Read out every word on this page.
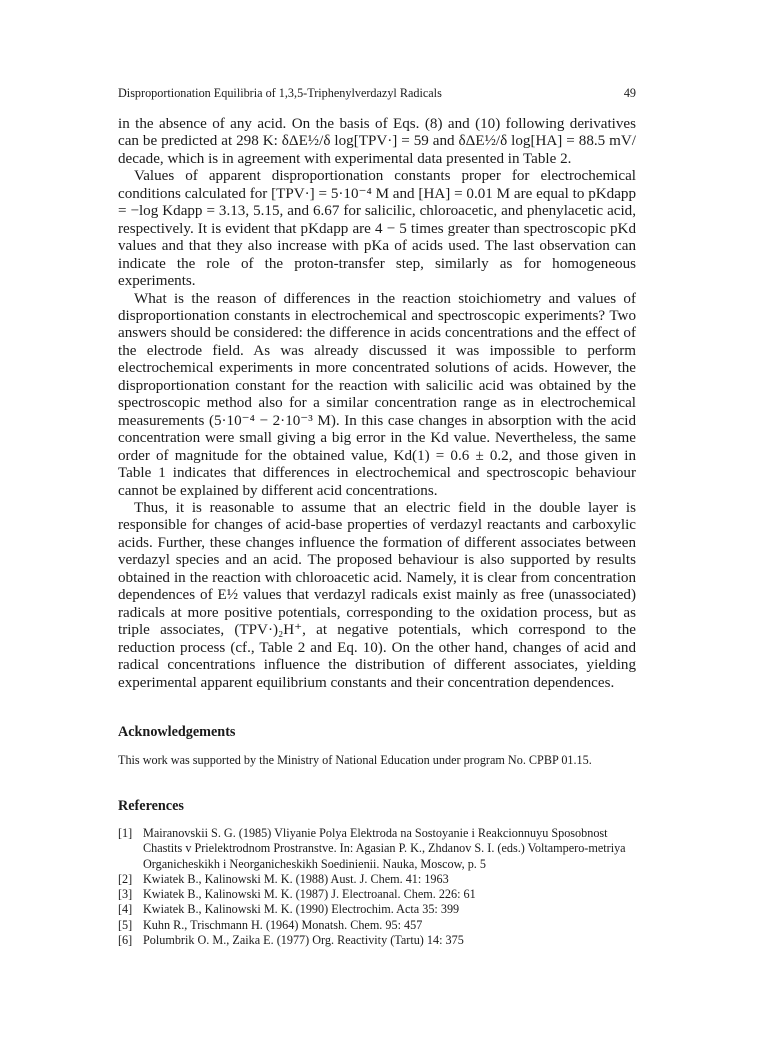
Disproportionation Equilibria of 1,3,5-Triphenylverdazyl Radicals	49

in the absence of any acid. On the basis of Eqs. (8) and (10) following derivatives can be predicted at 298 K: δΔE½/δ log[TPV·] = 59 and δΔE½/δ log[HA] = 88.5 mV/ decade, which is in agreement with experimental data presented in Table 2.

Values of apparent disproportionation constants proper for electrochemical conditions calculated for [TPV·] = 5·10⁻⁴ M and [HA] = 0.01 M are equal to pKdapp = −log Kdapp = 3.13, 5.15, and 6.67 for salicilic, chloroacetic, and phenylacetic acid, respectively. It is evident that pKdapp are 4 − 5 times greater than spectroscopic pKd values and that they also increase with pKa of acids used. The last observation can indicate the role of the proton-transfer step, similarly as for homogeneous experiments.

What is the reason of differences in the reaction stoichiometry and values of disproportionation constants in electrochemical and spectroscopic experiments? Two answers should be considered: the difference in acids concentrations and the effect of the electrode field. As was already discussed it was impossible to perform electrochemical experiments in more concentrated solutions of acids. However, the disproportionation constant for the reaction with salicilic acid was obtained by the spectroscopic method also for a similar concentration range as in electrochemical measurements (5·10⁻⁴ − 2·10⁻³ M). In this case changes in absorption with the acid concentration were small giving a big error in the Kd value. Nevertheless, the same order of magnitude for the obtained value, Kd(1) = 0.6 ± 0.2, and those given in Table 1 indicates that differences in electrochemical and spectroscopic behaviour cannot be explained by different acid concentrations.

Thus, it is reasonable to assume that an electric field in the double layer is responsible for changes of acid-base properties of verdazyl reactants and carboxylic acids. Further, these changes influence the formation of different associates between verdazyl species and an acid. The proposed behaviour is also supported by results obtained in the reaction with chloroacetic acid. Namely, it is clear from concentration dependences of E½ values that verdazyl radicals exist mainly as free (unassociated) radicals at more positive potentials, corresponding to the oxidation process, but as triple associates, (TPV·)₂H⁺, at negative potentials, which correspond to the reduction process (cf., Table 2 and Eq. 10). On the other hand, changes of acid and radical concentrations influence the distribution of different associates, yielding experimental apparent equilibrium constants and their concentration dependences.

Acknowledgements

This work was supported by the Ministry of National Education under program No. CPBP 01.15.

References
[1] Mairanovskii S. G. (1985) Vliyanie Polya Elektroda na Sostoyanie i Reakcionnuyu Sposobnost Chastits v Prielektrodnom Prostranstve. In: Agasian P. K., Zhdanov S. I. (eds.) Voltampero-metriya Organicheskikh i Neorganicheskikh Soedinienii. Nauka, Moscow, p. 5
[2] Kwiatek B., Kalinowski M. K. (1988) Aust. J. Chem. 41: 1963
[3] Kwiatek B., Kalinowski M. K. (1987) J. Electroanal. Chem. 226: 61
[4] Kwiatek B., Kalinowski M. K. (1990) Electrochim. Acta 35: 399
[5] Kuhn R., Trischmann H. (1964) Monatsh. Chem. 95: 457
[6] Polumbrik O. M., Zaika E. (1977) Org. Reactivity (Tartu) 14: 375
